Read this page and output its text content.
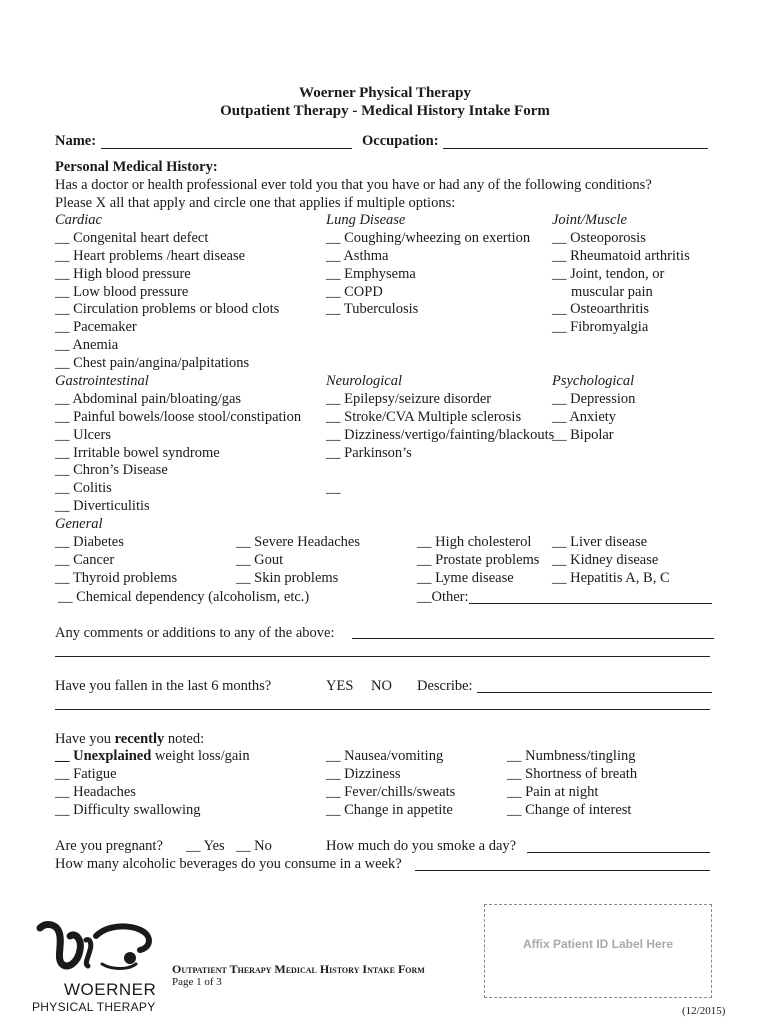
Woerner Physical Therapy
Outpatient Therapy - Medical History Intake Form
Name:	Occupation:
Personal Medical History:
Has a doctor or health professional ever told you that you have or had any of the following conditions?
Please X all that apply and circle one that applies if multiple options:
Cardiac
__ Congenital heart defect
__ Heart problems /heart disease
__ High blood pressure
__ Low blood pressure
__ Circulation problems or blood clots
__ Pacemaker
__ Anemia
__ Chest pain/angina/palpitations
Gastrointestinal
__ Abdominal pain/bloating/gas
__ Painful bowels/loose stool/constipation
__ Ulcers
__ Irritable bowel syndrome
__ Chron’s Disease
__ Colitis
__ Diverticulitis
General
__ Diabetes
__ Cancer
__ Thyroid problems
Lung Disease
__ Coughing/wheezing on exertion
__ Asthma
__ Emphysema
__ COPD
__ Tuberculosis
Neurological
__ Epilepsy/seizure disorder
__ Stroke/CVA Multiple sclerosis
__ Dizziness/vertigo/fainting/blackouts
__ Parkinson’s
__
Joint/Muscle
__ Osteoporosis
__ Rheumatoid arthritis
__ Joint, tendon, or
muscular pain
__ Osteoarthritis
__ Fibromyalgia
Psychological
__ Depression
__ Anxiety
__ Bipolar
__ Severe Headaches
__ Gout
__ Skin problems
__ High cholesterol
__ Prostate problems
__ Lyme disease
__ Liver disease
__ Kidney disease
__ Hepatitis A, B, C
__ Chemical dependency (alcoholism, etc.)	__Other:
Any comments or additions to any of the above:
Have you fallen in the last 6 months?	YES NO Describe:
Have you recently noted:
__ Unexplained weight loss/gain
__ Fatigue
__ Headaches
__ Difficulty swallowing
__ Nausea/vomiting
__ Dizziness
__ Fever/chills/sweats
__ Change in appetite
__ Numbness/tingling
__ Shortness of breath
__ Pain at night
__ Change of interest
Are you pregnant? __ Yes __ No	How much do you smoke a day?
How many alcoholic beverages do you consume in a week?
WOERNER
PHYSICAL THERAPY
Outpatient Therapy Medical History Intake Form
Page 1 of 3
Affix Patient ID Label Here
(12/2015)
